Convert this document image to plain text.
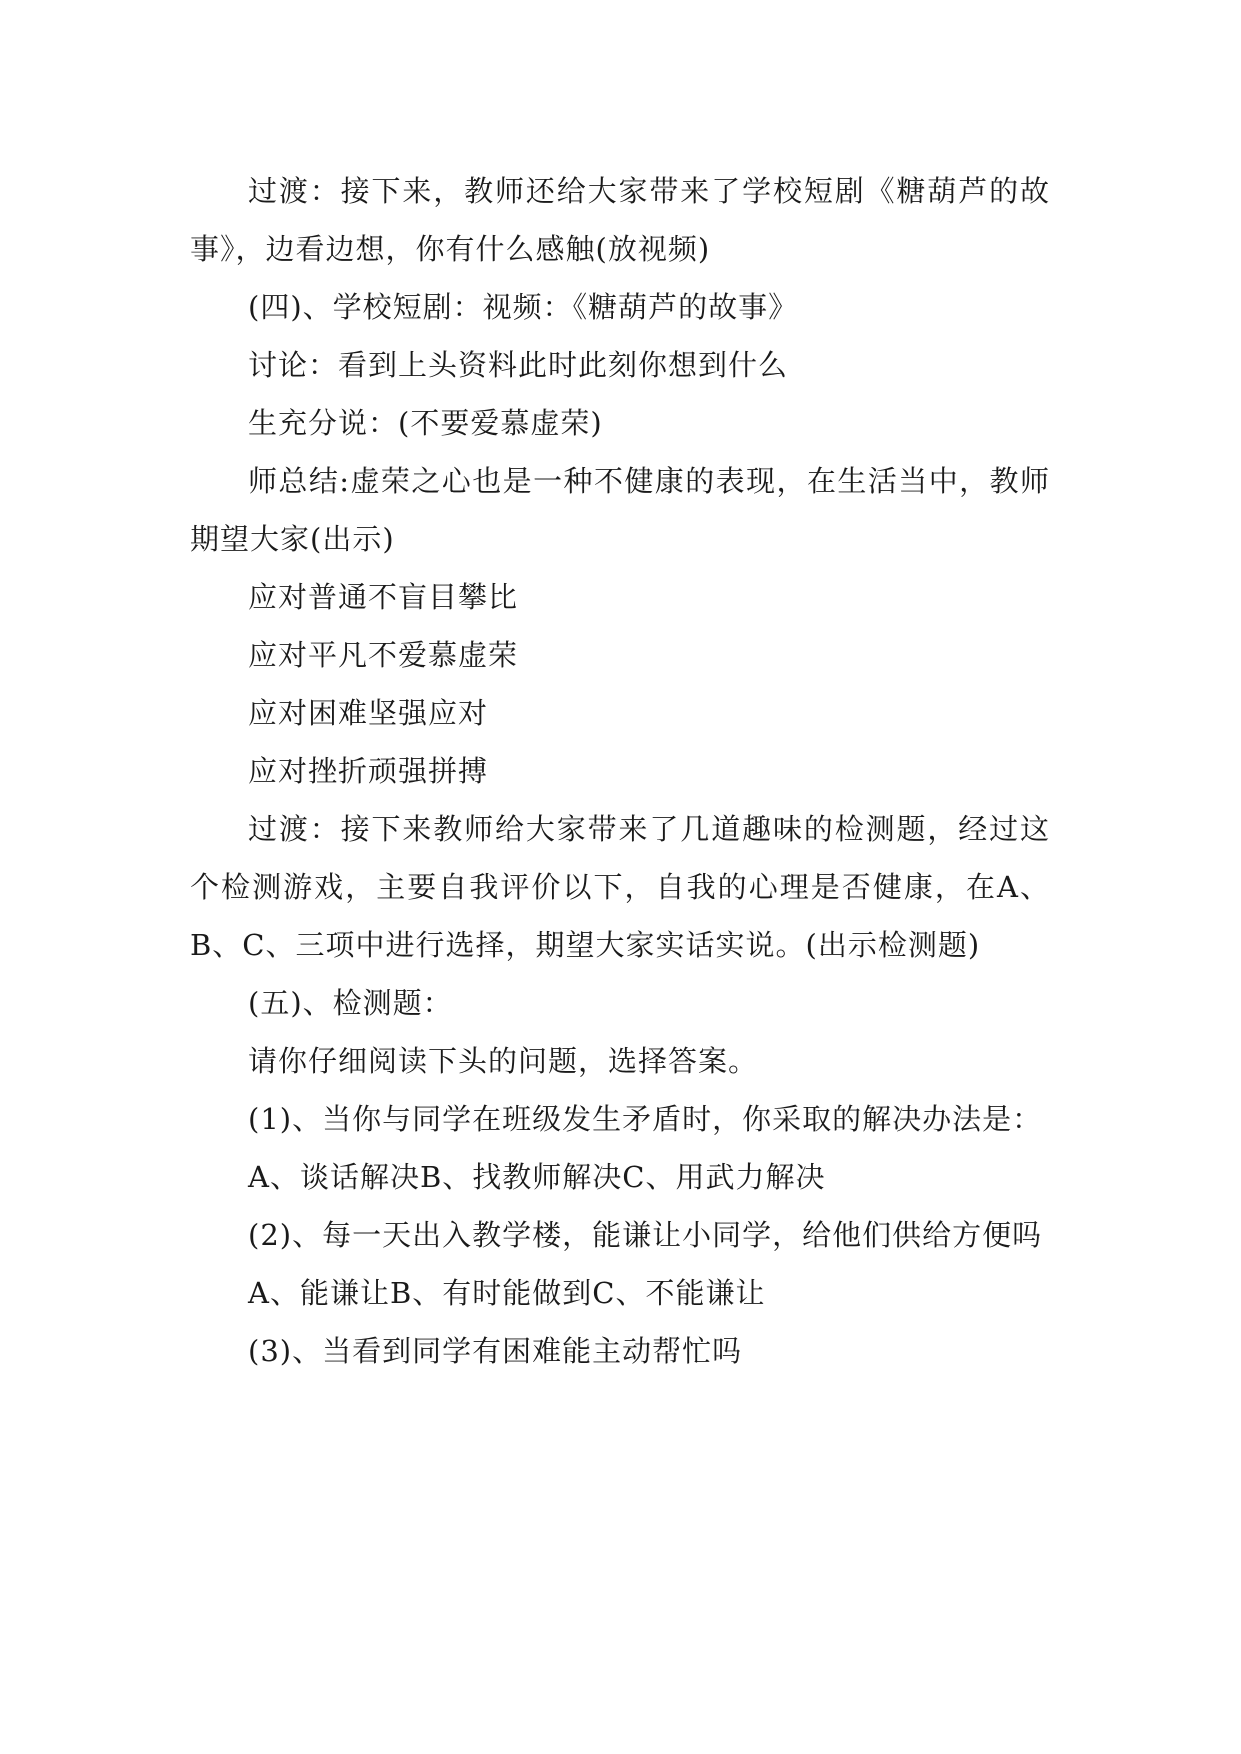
过渡：接下来，教师还给大家带来了学校短剧《糖葫芦的故事》，边看边想，你有什么感触(放视频)

(四)、学校短剧：视频：《糖葫芦的故事》

讨论：看到上头资料此时此刻你想到什么

生充分说：(不要爱慕虚荣)

师总结:虚荣之心也是一种不健康的表现，在生活当中，教师期望大家(出示)

应对普通不盲目攀比

应对平凡不爱慕虚荣

应对困难坚强应对

应对挫折顽强拼搏

过渡：接下来教师给大家带来了几道趣味的检测题，经过这个检测游戏，主要自我评价以下，自我的心理是否健康，在A、B、C、三项中进行选择，期望大家实话实说。(出示检测题)

(五)、检测题：

请你仔细阅读下头的问题，选择答案。

(1)、当你与同学在班级发生矛盾时，你采取的解决办法是：

A、谈话解决B、找教师解决C、用武力解决

(2)、每一天出入教学楼，能谦让小同学，给他们供给方便吗

A、能谦让B、有时能做到C、不能谦让

(3)、当看到同学有困难能主动帮忙吗
